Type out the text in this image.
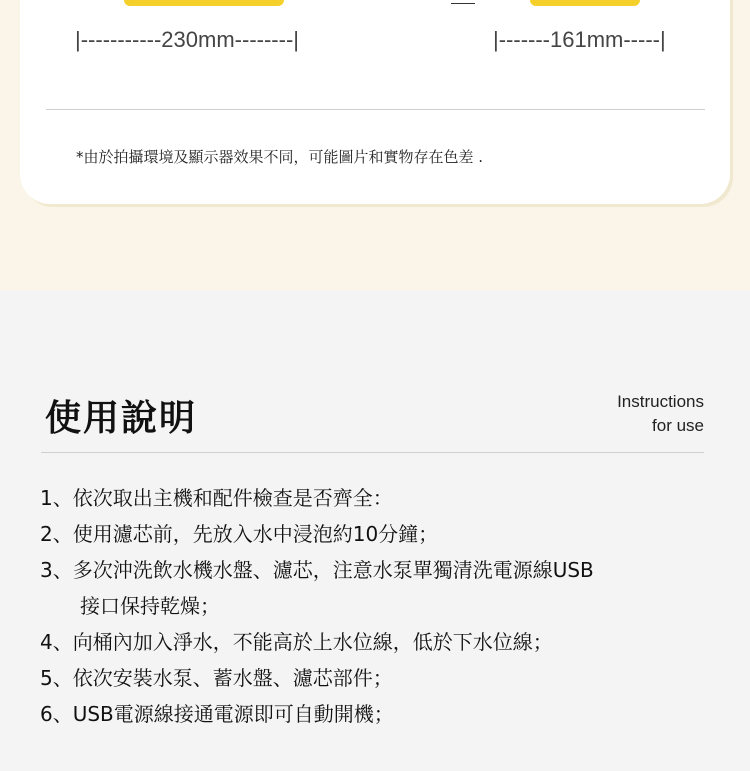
|-----------230mm--------|	|-------161mm-----|
*由於拍攝環境及顯示器效果不同，可能圖片和實物存在色差 .
使用說明	Instructions
for use
1、依次取出主機和配件檢查是否齊全：
2、使用濾芯前，先放入水中浸泡約10分鐘；
3、多次沖洗飲水機水盤、濾芯，注意水泵單獨清洗電源線USB
接口保持乾燥；
4、向桶內加入淨水，不能高於上水位線，低於下水位線；
5、依次安裝水泵、蓄水盤、濾芯部件；
6、USB電源線接通電源即可自動開機；
